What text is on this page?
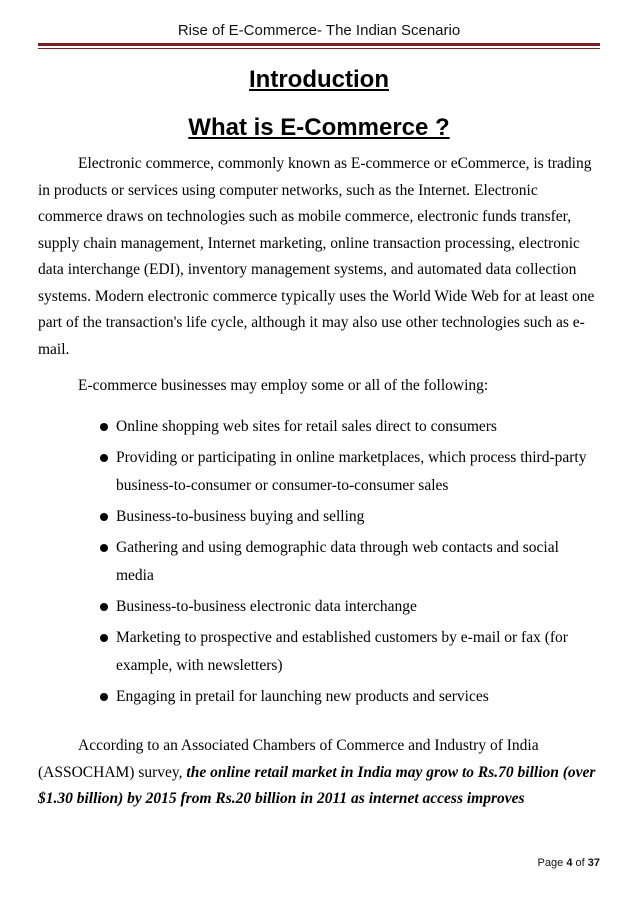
Rise of E-Commerce- The Indian Scenario
Introduction
What is E-Commerce ?

Electronic commerce, commonly known as E-commerce or eCommerce, is trading in products or services using computer networks, such as the Internet. Electronic commerce draws on technologies such as mobile commerce, electronic funds transfer, supply chain management, Internet marketing, online transaction processing, electronic data interchange (EDI), inventory management systems, and automated data collection systems. Modern electronic commerce typically uses the World Wide Web for at least one part of the transaction's life cycle, although it may also use other technologies such as e-mail.

E-commerce businesses may employ some or all of the following:

Online shopping web sites for retail sales direct to consumers
Providing or participating in online marketplaces, which process third-party business-to-consumer or consumer-to-consumer sales
Business-to-business buying and selling
Gathering and using demographic data through web contacts and social media
Business-to-business electronic data interchange
Marketing to prospective and established customers by e-mail or fax (for example, with newsletters)
Engaging in pretail for launching new products and services

According to an Associated Chambers of Commerce and Industry of India (ASSOCHAM) survey, the online retail market in India may grow to Rs.70 billion (over $1.30 billion) by 2015 from Rs.20 billion in 2011 as internet access improves

Page 4 of 37
